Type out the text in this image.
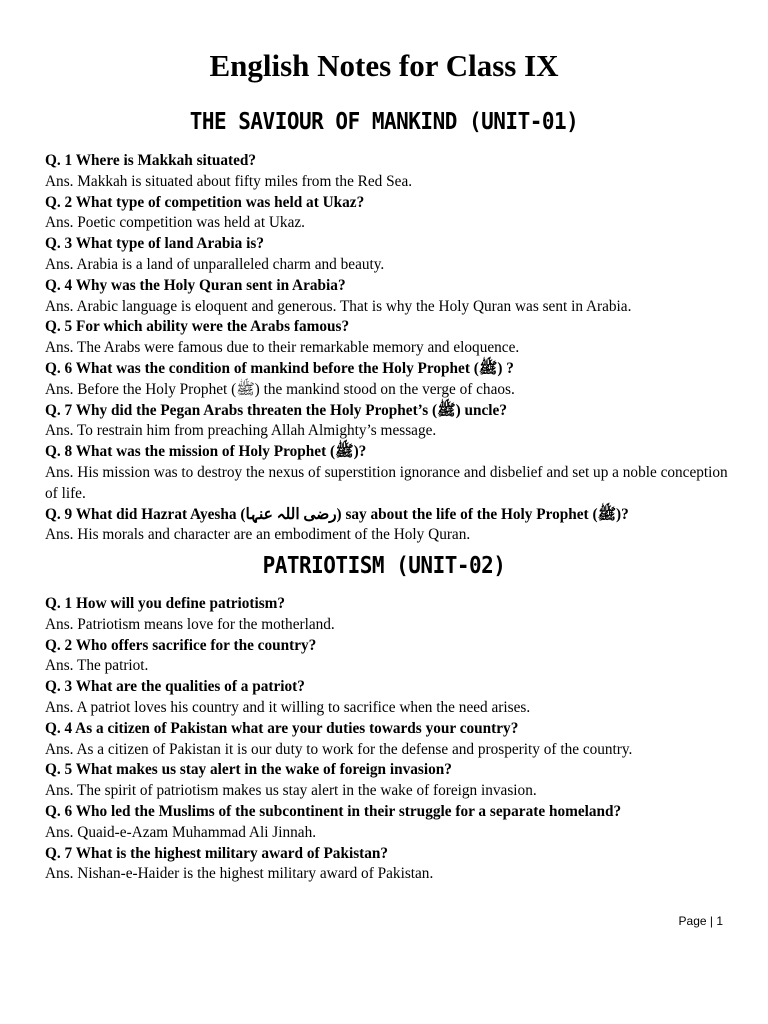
English Notes for Class IX
THE SAVIOUR OF MANKIND (UNIT-01)
Q. 1 Where is Makkah situated?
Ans. Makkah is situated about fifty miles from the Red Sea.
Q. 2 What type of competition was held at Ukaz?
Ans. Poetic competition was held at Ukaz.
Q. 3 What type of land Arabia is?
Ans. Arabia is a land of unparalleled charm and beauty.
Q. 4 Why was the Holy Quran sent in Arabia?
Ans. Arabic language is eloquent and generous. That is why the Holy Quran was sent in Arabia.
Q. 5 For which ability were the Arabs famous?
Ans. The Arabs were famous due to their remarkable memory and eloquence.
Q. 6 What was the condition of mankind before the Holy Prophet (ﷺ) ?
Ans. Before the Holy Prophet (ﷺ) the mankind stood on the verge of chaos.
Q. 7 Why did the Pegan Arabs threaten the Holy Prophet’s (ﷺ) uncle?
Ans. To restrain him from preaching Allah Almighty’s message.
Q. 8 What was the mission of Holy Prophet (ﷺ)?
Ans. His mission was to destroy the nexus of superstition ignorance and disbelief and set up a noble conception of life.
Q. 9 What did Hazrat Ayesha (رضی اللہ عنہا) say about the life of the Holy Prophet (ﷺ)?
Ans. His morals and character are an embodiment of the Holy Quran.
PATRIOTISM (UNIT-02)
Q. 1 How will you define patriotism?
Ans. Patriotism means love for the motherland.
Q. 2 Who offers sacrifice for the country?
Ans. The patriot.
Q. 3 What are the qualities of a patriot?
Ans. A patriot loves his country and it willing to sacrifice when the need arises.
Q. 4 As a citizen of Pakistan what are your duties towards your country?
Ans. As a citizen of Pakistan it is our duty to work for the defense and prosperity of the country.
Q. 5 What makes us stay alert in the wake of foreign invasion?
Ans. The spirit of patriotism makes us stay alert in the wake of foreign invasion.
Q. 6 Who led the Muslims of the subcontinent in their struggle for a separate homeland?
Ans. Quaid-e-Azam Muhammad Ali Jinnah.
Q. 7 What is the highest military award of Pakistan?
Ans. Nishan-e-Haider is the highest military award of Pakistan.
Page | 1
